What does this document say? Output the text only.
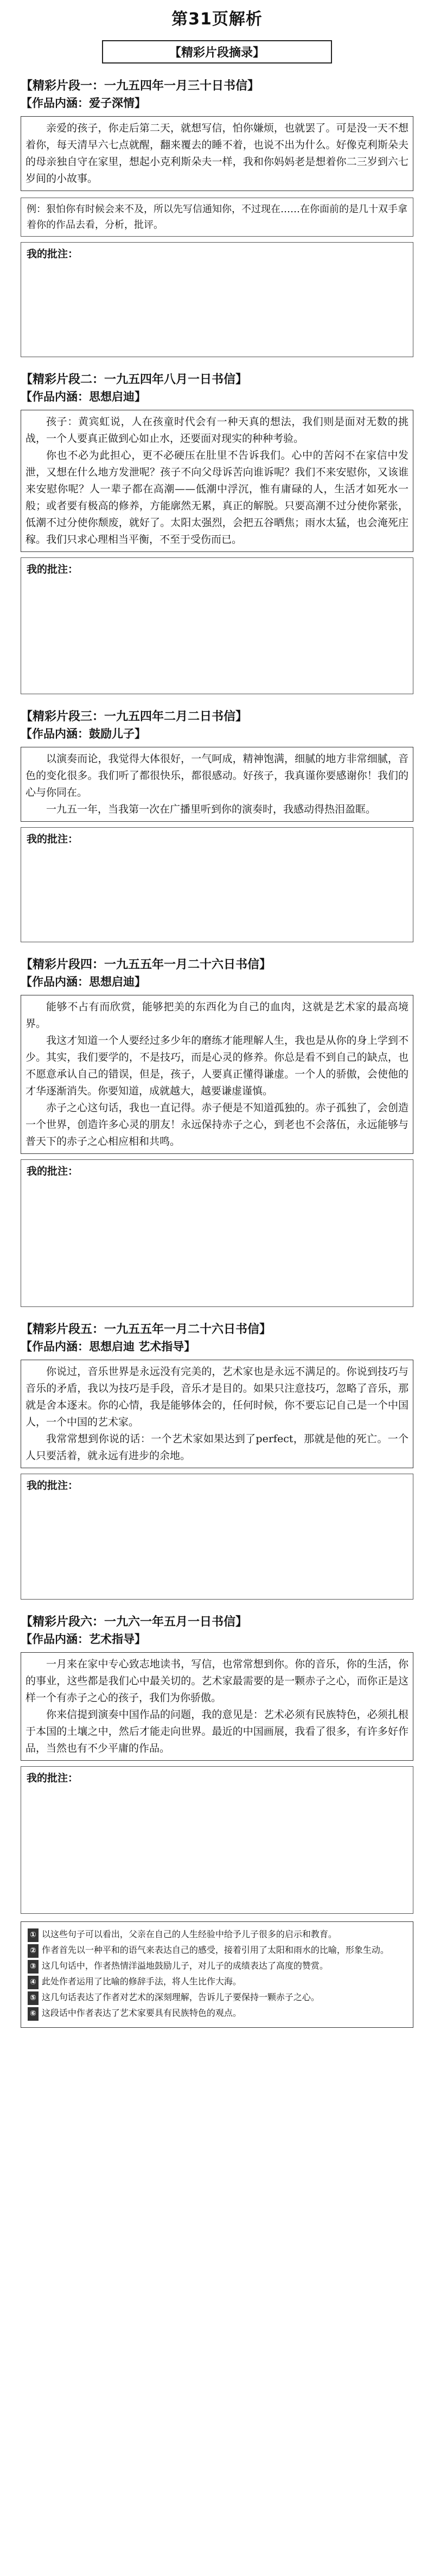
第31页解析
【精彩片段摘录】
【精彩片段一：一九五四年一月三十日书信】
【作品内涵：爱子深情】

亲爱的孩子，你走后第二天，就想写信，怕你嫌烦，也就罢了。可是没一天不想着你，每天清早六七点就醒，翻来覆去的睡不着，也说不出为什么。好像克利斯朵夫的母亲独自守在家里，想起小克利斯朵夫一样，我和你妈妈老是想着你二三岁到六七岁间的小故事。

例：狠怕你有时候会来不及，所以先写信通知你，不过现在……在你面前的是几十双手拿着你的作品去看，分析，批评。
我的批注：
【精彩片段二：一九五四年八月一日书信】
【作品内涵：思想启迪】

孩子：黄宾虹说，人在孩童时代会有一种天真的想法，我们则是面对无数的挑战，一个人要真正做到心如止水，还要面对现实的种种考验。

你也不必为此担心，更不必硬压在肚里不告诉我们。心中的苦闷不在家信中发泄，又想在什么地方发泄呢？孩子不向父母诉苦向谁诉呢？我们不来安慰你，又该谁来安慰你呢？人一辈子都在高潮——低潮中浮沉，惟有庸碌的人，生活才如死水一般；或者要有极高的修养，方能廓然无累，真正的解脱。只要高潮不过分使你紧张，低潮不过分使你颓废，就好了。太阳太强烈，会把五谷晒焦；雨水太猛，也会淹死庄稼。我们只求心理相当平衡，不至于受伤而已。

我的批注：
【精彩片段三：一九五四年二月二日书信】
【作品内涵：鼓励儿子】

以演奏而论，我觉得大体很好，一气呵成，精神饱满，细腻的地方非常细腻，音色的变化很多。我们听了都很快乐，都很感动。好孩子，我真谨你要感谢你！我们的心与你同在。

一九五一年，当我第一次在广播里听到你的演奏时，我感动得热泪盈眶。

我的批注：
【精彩片段四：一九五五年一月二十六日书信】
【作品内涵：思想启迪】

能够不占有而欣赏，能够把美的东西化为自己的血肉，这就是艺术家的最高境界。

我这才知道一个人要经过多少年的磨练才能理解人生，我也是从你的身上学到不少。其实，我们要学的，不是技巧，而是心灵的修养。你总是看不到自己的缺点，也不愿意承认自己的错误，但是，孩子，人要真正懂得谦虚。一个人的骄傲，会使他的才华逐渐消失。你要知道，成就越大，越要谦虚谨慎。

赤子之心这句话，我也一直记得。赤子便是不知道孤独的。赤子孤独了，会创造一个世界，创造许多心灵的朋友！永远保持赤子之心，到老也不会落伍，永远能够与普天下的赤子之心相应相和共鸣。

我的批注：
【精彩片段五：一九五五年一月二十六日书信】
【作品内涵：思想启迪 艺术指导】

你说过，音乐世界是永远没有完美的，艺术家也是永远不满足的。你说到技巧与音乐的矛盾，我以为技巧是手段，音乐才是目的。如果只注意技巧，忽略了音乐，那就是舍本逐末。你的心情，我是能够体会的，任何时候，你不要忘记自己是一个中国人，一个中国的艺术家。

我常常想到你说的话：一个艺术家如果达到了perfect，那就是他的死亡。一个人只要活着，就永远有进步的余地。

我的批注：
【精彩片段六：一九六一年五月一日书信】
【作品内涵：艺术指导】

一月来在家中专心致志地读书，写信，也常常想到你。你的音乐，你的生活，你的事业，这些都是我们心中最关切的。艺术家最需要的是一颗赤子之心，而你正是这样一个有赤子之心的孩子，我们为你骄傲。

你来信提到演奏中国作品的问题，我的意见是：艺术必须有民族特色，必须扎根于本国的土壤之中，然后才能走向世界。最近的中国画展，我看了很多，有许多好作品，当然也有不少平庸的作品。

我的批注：
① 以这些句子可以看出，父亲在自己的人生经验中给予儿子很多的启示和教育。
② 作者首先以一种平和的语气来表达自己的感受，接着引用了太阳和雨水的比喻，形象生动。
③ 这几句话中，作者热情洋溢地鼓励儿子，对儿子的成绩表达了高度的赞赏。
④ 此处作者运用了比喻的修辞手法，将人生比作大海。
⑤ 这几句话表达了作者对艺术的深刻理解，告诉儿子要保持一颗赤子之心。
⑥ 这段话中作者表达了艺术家要具有民族特色的观点。
